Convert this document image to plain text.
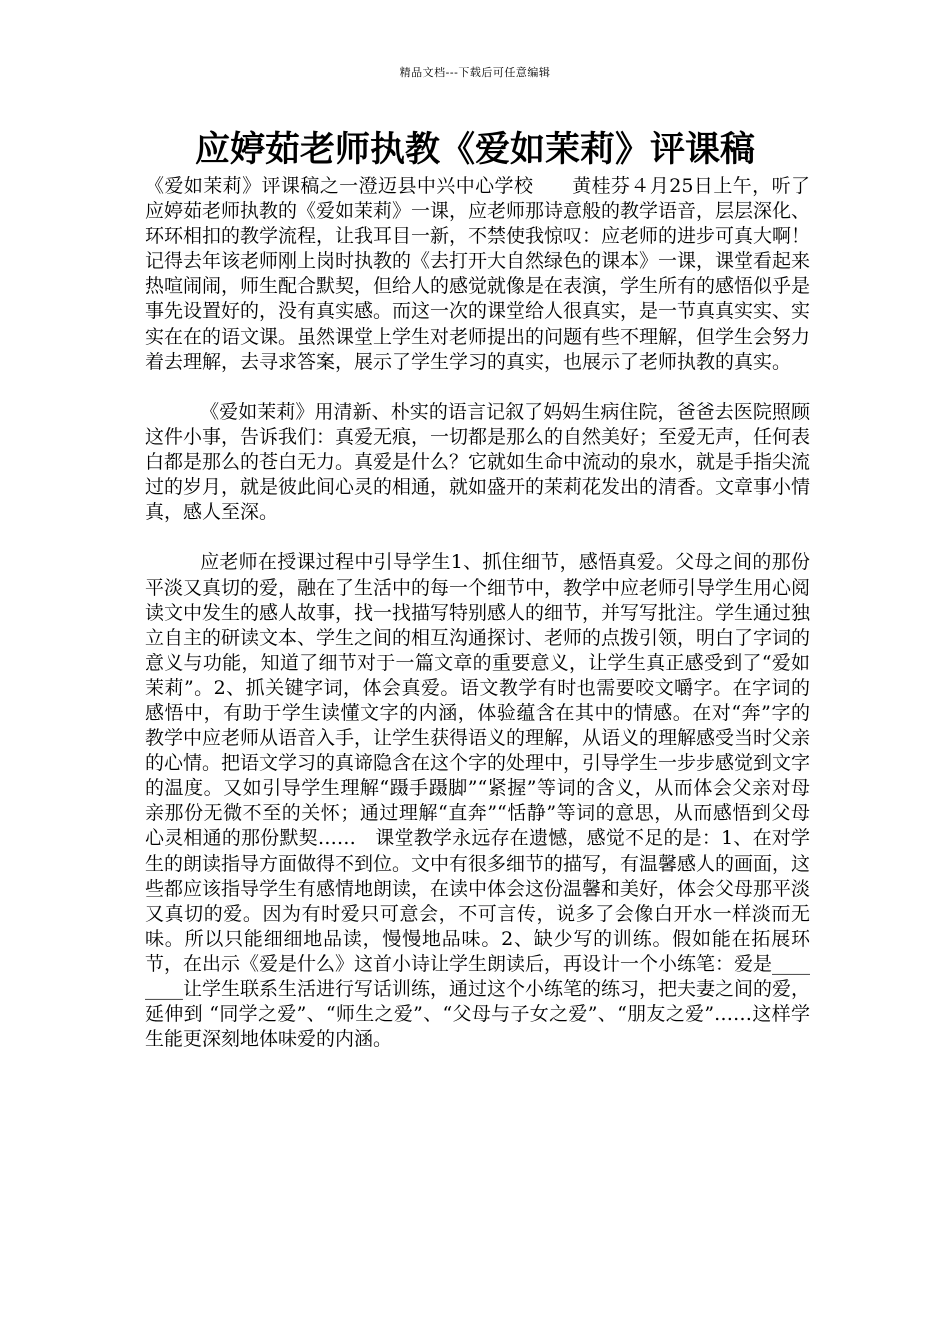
精品文档---下载后可任意编辑
应婷茹老师执教《爱如茉莉》评课稿

《爱如茉莉》评课稿之一澄迈县中兴中心学校　　黄桂芬４月25日上午，听了应婷茹老师执教的《爱如茉莉》一课，应老师那诗意般的教学语音，层层深化、环环相扣的教学流程，让我耳目一新，不禁使我惊叹：应老师的进步可真大啊！记得去年该老师刚上岗时执教的《去打开大自然绿色的课本》一课，课堂看起来热喧闹闹，师生配合默契，但给人的感觉就像是在表演，学生所有的感悟似乎是事先设置好的，没有真实感。而这一次的课堂给人很真实，是一节真真实实、实实在在的语文课。虽然课堂上学生对老师提出的问题有些不理解，但学生会努力着去理解，去寻求答案，展示了学生学习的真实，也展示了老师执教的真实。

《爱如茉莉》用清新、朴实的语言记叙了妈妈生病住院，爸爸去医院照顾这件小事，告诉我们：真爱无痕，一切都是那么的自然美好；至爱无声，任何表白都是那么的苍白无力。真爱是什么？它就如生命中流动的泉水，就是手指尖流过的岁月，就是彼此间心灵的相通，就如盛开的茉莉花发出的清香。文章事小情真，感人至深。

应老师在授课过程中引导学生1、抓住细节，感悟真爱。父母之间的那份平淡又真切的爱，融在了生活中的每一个细节中，教学中应老师引导学生用心阅读文中发生的感人故事，找一找描写特别感人的细节，并写写批注。学生通过独立自主的研读文本、学生之间的相互沟通探讨、老师的点拨引领，明白了字词的意义与功能，知道了细节对于一篇文章的重要意义，让学生真正感受到了“爱如茉莉”。2、抓关键字词，体会真爱。语文教学有时也需要咬文嚼字。在字词的感悟中，有助于学生读懂文字的内涵，体验蕴含在其中的情感。在对“奔”字的教学中应老师从语音入手，让学生获得语义的理解，从语义的理解感受当时父亲的心情。把语文学习的真谛隐含在这个字的处理中，引导学生一步步感觉到文字的温度。又如引导学生理解“蹑手蹑脚”“紧握”等词的含义，从而体会父亲对母亲那份无微不至的关怀；通过理解“直奔”“恬静”等词的意思，从而感悟到父母心灵相通的那份默契……　课堂教学永远存在遗憾，感觉不足的是：1、在对学生的朗读指导方面做得不到位。文中有很多细节的描写，有温馨感人的画面，这些都应该指导学生有感情地朗读，在读中体会这份温馨和美好，体会父母那平淡又真切的爱。因为有时爱只可意会，不可言传，说多了会像白开水一样淡而无味。所以只能细细地品读，慢慢地品味。2、缺少写的训练。假如能在拓展环节，在出示《爱是什么》这首小诗让学生朗读后，再设计一个小练笔：爱是________让学生联系生活进行写话训练，通过这个小练笔的练习，把夫妻之间的爱，延伸到 “同学之爱”、“师生之爱”、“父母与子女之爱”、“朋友之爱”……这样学生能更深刻地体味爱的内涵。
